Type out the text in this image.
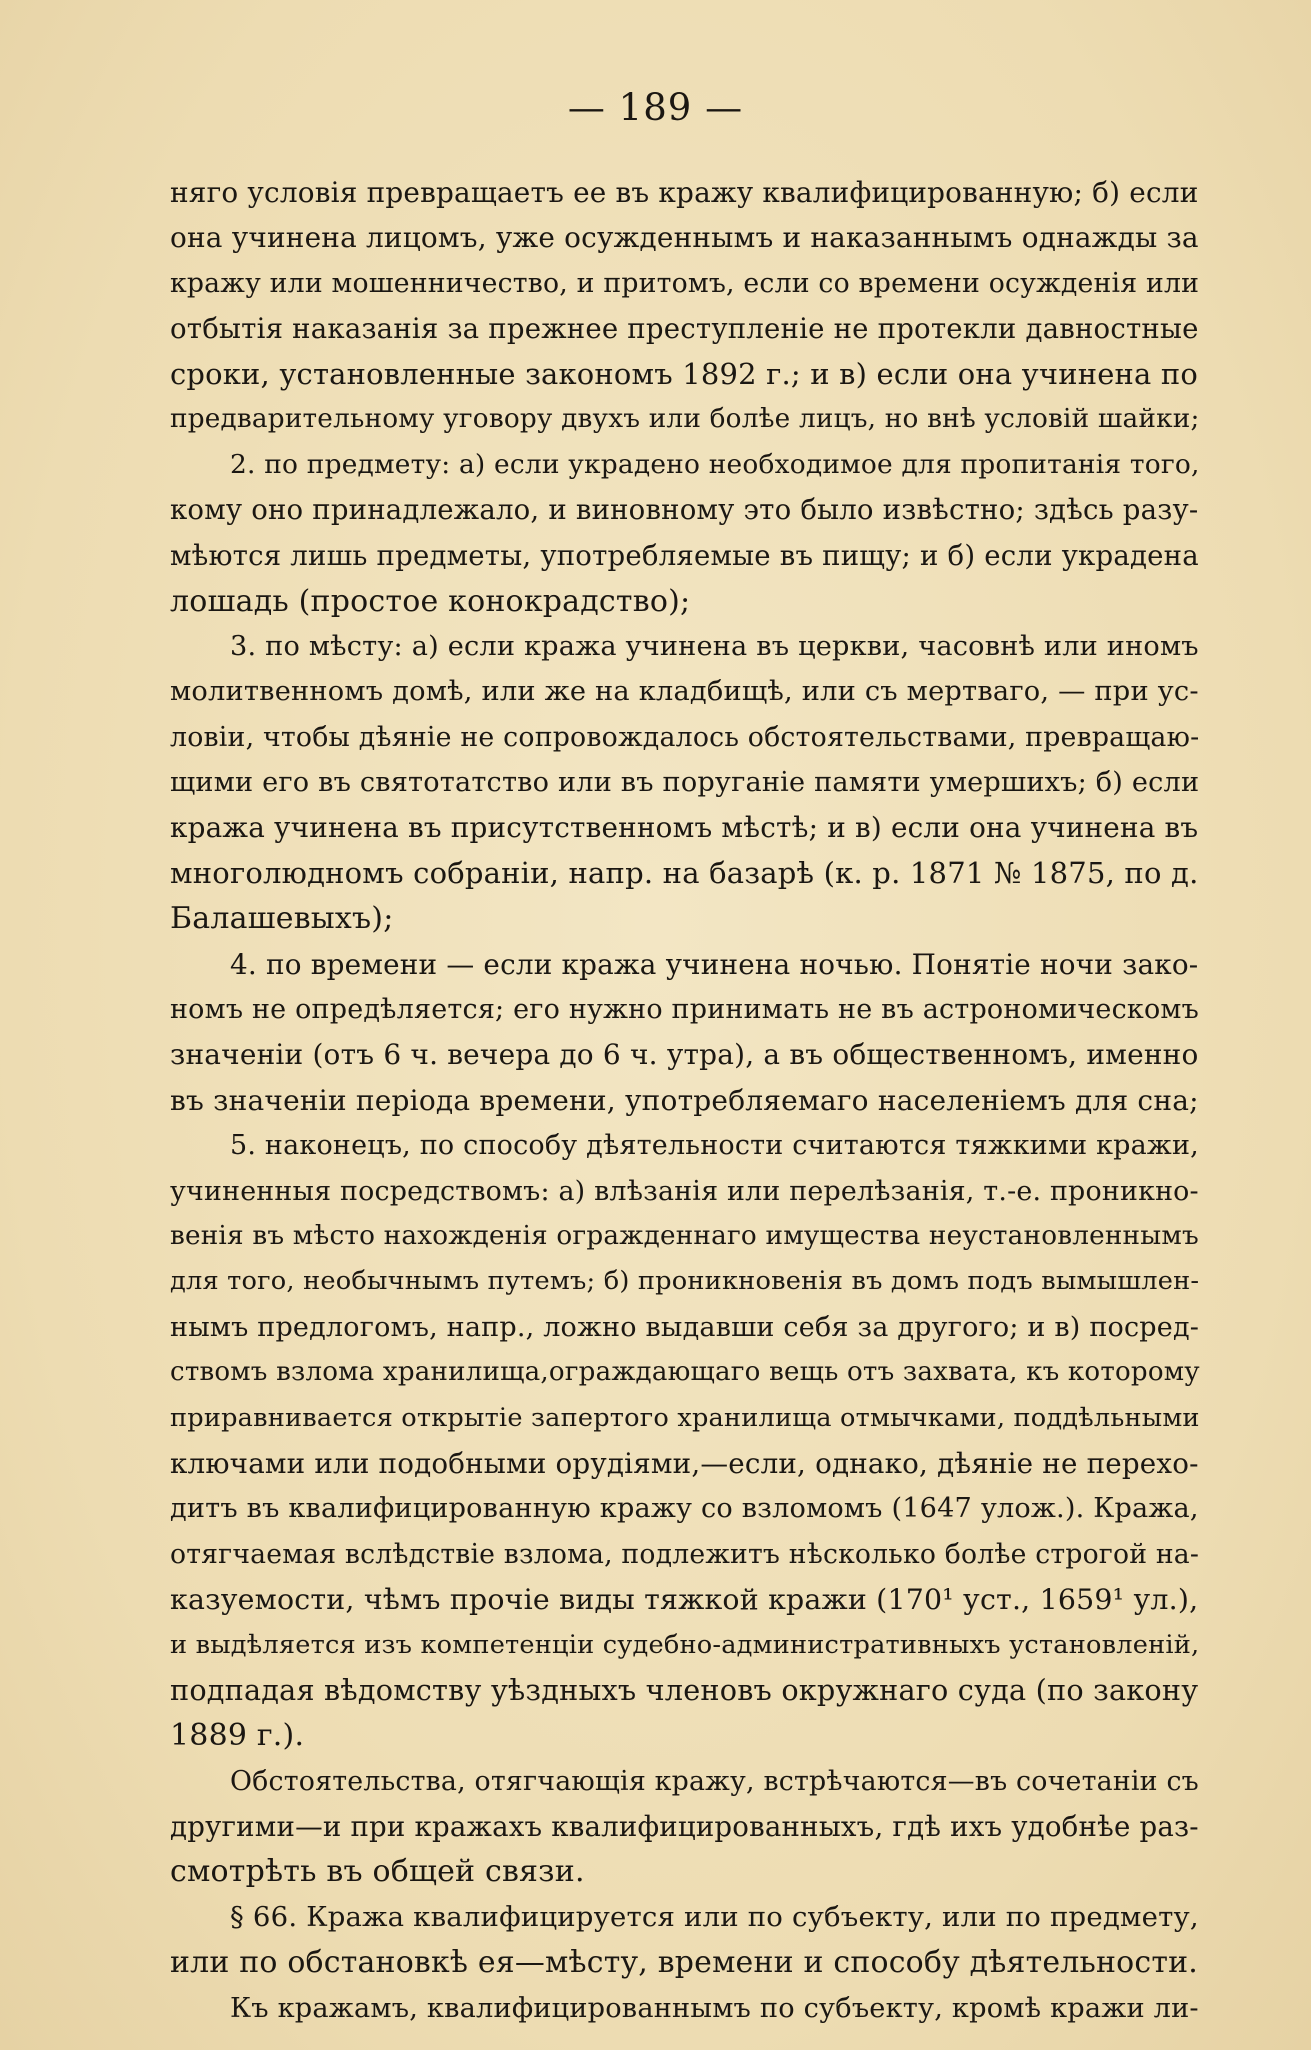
— 189 —
няго условія превращаетъ ее въ кражу квалифицированную; б) если
она учинена лицомъ, уже осужденнымъ и наказаннымъ однажды за
кражу или мошенничество, и притомъ, если со времени осужденія или
отбытія наказанія за прежнее преступленіе не протекли давностные
сроки, установленные закономъ 1892 г.; и в) если она учинена по
предварительному уговору двухъ или болѣе лицъ, но внѣ условій шайки;
2. по предмету: а) если украдено необходимое для пропитанія того,
кому оно принадлежало, и виновному это было извѣстно; здѣсь разу-
мѣются лишь предметы, употребляемые въ пищу; и б) если украдена
лошадь (простое конокрадство);
3. по мѣсту: а) если кража учинена въ церкви, часовнѣ или иномъ
молитвенномъ домѣ, или же на кладбищѣ, или съ мертваго, — при ус-
ловіи, чтобы дѣяніе не сопровождалось обстоятельствами, превращаю-
щими его въ святотатство или въ поруганіе памяти умершихъ; б) если
кража учинена въ присутственномъ мѣстѣ; и в) если она учинена въ
многолюдномъ собраніи, напр. на базарѣ (к. р. 1871 № 1875, по д.
Балашевыхъ);
4. по времени — если кража учинена ночью. Понятіе ночи зако-
номъ не опредѣляется; его нужно принимать не въ астрономическомъ
значеніи (отъ 6 ч. вечера до 6 ч. утра), а въ общественномъ, именно
въ значеніи періода времени, употребляемаго населеніемъ для сна;
5. наконецъ, по способу дѣятельности считаются тяжкими кражи,
учиненныя посредствомъ: а) влѣзанія или перелѣзанія, т.-е. проникно-
венія въ мѣсто нахожденія огражденнаго имущества неустановленнымъ
для того, необычнымъ путемъ; б) проникновенія въ домъ подъ вымышлен-
нымъ предлогомъ, напр., ложно выдавши себя за другого; и в) посред-
ствомъ взлома хранилища,ограждающаго вещь отъ захвата, къ которому
приравнивается открытіе запертого хранилища отмычками, поддѣльными
ключами или подобными орудіями,—если, однако, дѣяніе не перехо-
дитъ въ квалифицированную кражу со взломомъ (1647 улож.). Кража,
отягчаемая вслѣдствіе взлома, подлежитъ нѣсколько болѣе строгой на-
казуемости, чѣмъ прочіе виды тяжкой кражи (170¹ уст., 1659¹ ул.),
и выдѣляется изъ компетенціи судебно-административныхъ установленій,
подпадая вѣдомству уѣздныхъ членовъ окружнаго суда (по закону
1889 г.).
Обстоятельства, отягчающія кражу, встрѣчаются—въ сочетаніи съ
другими—и при кражахъ квалифицированныхъ, гдѣ ихъ удобнѣе раз-
смотрѣть въ общей связи.
§ 66. Кража квалифицируется или по субъекту, или по предмету,
или по обстановкѣ ея—мѣсту, времени и способу дѣятельности.
Къ кражамъ, квалифицированнымъ по субъекту, кромѣ кражи ли-
